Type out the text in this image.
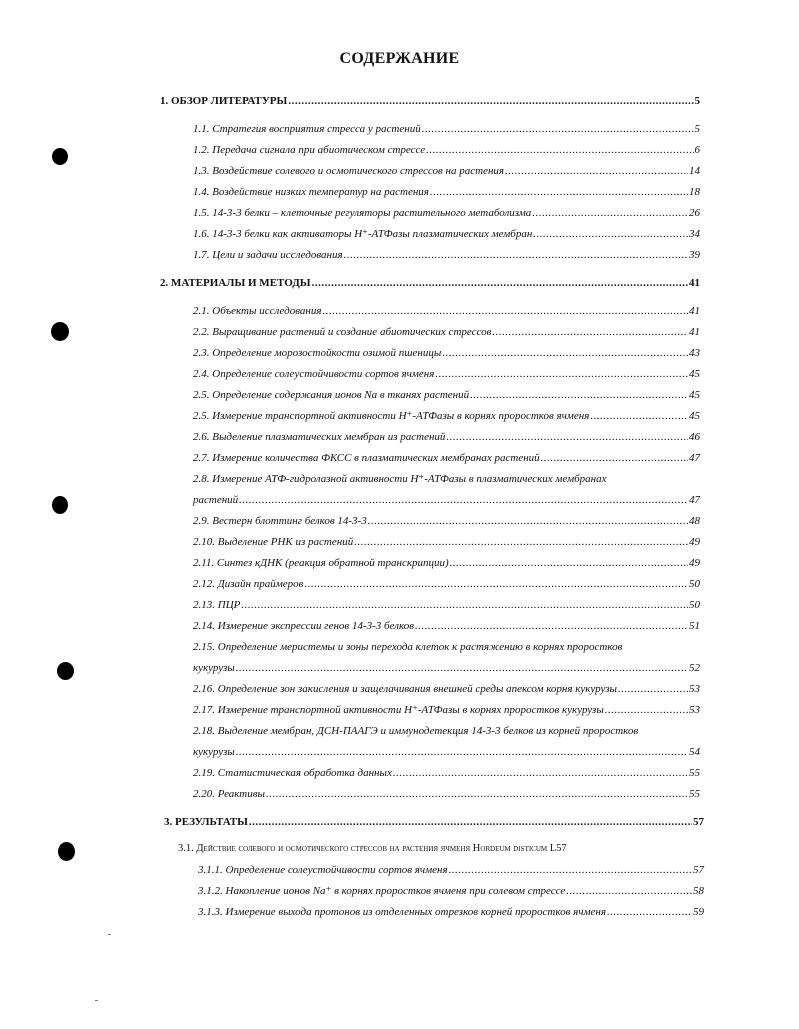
СОДЕРЖАНИЕ
1. ОБЗОР ЛИТЕРАТУРЫ .....	5
1.1. Стратегия восприятия стресса у растений .....	5
1.2. Передача сигнала при абиотическом стрессе .....	6
1.3. Воздействие солевого и осмотического стрессов на растения .....	14
1.4. Воздействие низких температур на растения .....	18
1.5. 14-3-3 белки – клеточные регуляторы растительного метаболизма .....	26
1.6. 14-3-3 белки как активаторы Н⁺-АТФазы плазматических мембран .....	34
1.7. Цели и задачи исследования .....	39
2. МАТЕРИАЛЫ И МЕТОДЫ .....	41
2.1. Объекты исследования .....	41
2.2. Выращивание растений и создание абиотических стрессов .....	41
2.3. Определение морозостойкости озимой пшеницы .....	43
2.4. Определение солеустойчивости сортов ячменя .....	45
2.5. Определение содержания ионов Na в тканях растений .....	45
2.5. Измерение транспортной активности Н⁺-АТФазы в корнях проростков ячменя .....	45
2.6. Выделение плазматических мембран из растений .....	46
2.7. Измерение количества ФКСС в плазматических мембранах растений .....	47
2.8. Измерение АТФ-гидролазной активности Н⁺-АТФазы в плазматических мембранах
растений .....	47
2.9. Вестерн блоттинг белков 14-3-3 .....	48
2.10. Выделение РНК из растений .....	49
2.11. Синтез кДНК (реакция обратной транскрипции) .....	49
2.12. Дизайн праймеров .....	50
2.13. ПЦР .....	50
2.14. Измерение экспрессии генов 14-3-3 белков .....	51
2.15. Определение меристемы и зоны перехода клеток к растяжению в корнях проростков
кукурузы .....	52
2.16. Определение зон закисления и защелачивания внешней среды апексом корня кукурузы .....	53
2.17. Измерение транспортной активности Н⁺-АТФазы в корнях проростков кукурузы .....	53
2.18. Выделение мембран, ДСН-ПААГЭ и иммунодетекция 14-3-3 белков из корней проростков
кукурузы .....	54
2.19. Статистическая обработка данных .....	55
2.20. Реактивы .....	55
3. РЕЗУЛЬТАТЫ .....	57
3.1. Действие солевого и осмотического стрессов на растения ячменя Hordeum disticum L 57
3.1.1. Определение солеустойчивости сортов ячменя .....	57
3.1.2. Накопление ионов Na⁺ в корнях проростков ячменя при солевом стрессе .....	58
3.1.3. Измерение выхода протонов из отделенных отрезков корней проростков ячменя .....	59
